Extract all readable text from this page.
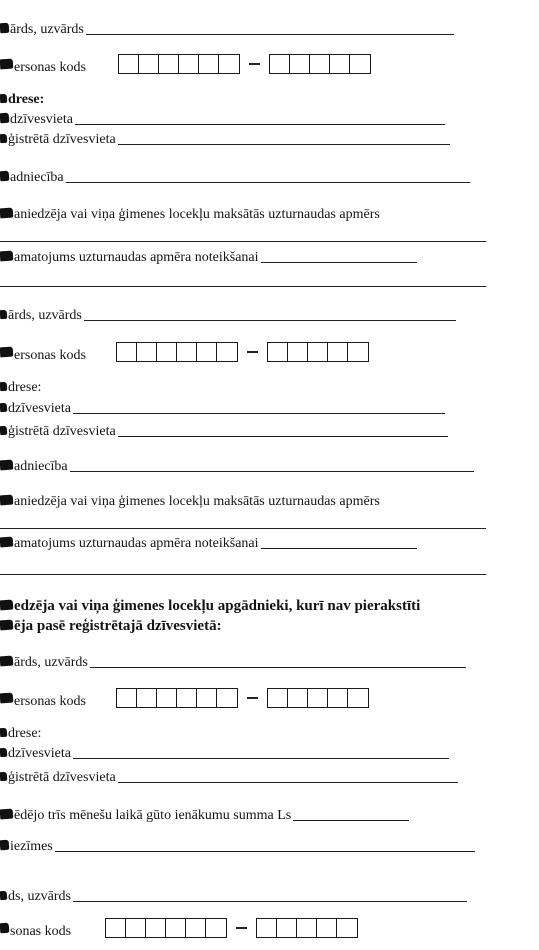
ārds, uzvārds
ersonas kods
drese:
dzīvesvieta
ģistrētā dzīvesvieta
adniecība
aniedzēja vai viņa ģimenes locekļu maksātās uzturnaudas apmērs
amatojums uzturnaudas apmēra noteikšanai
ārds, uzvārds
ersonas kods
drese:
dzīvesvieta
ģistrētā dzīvesvieta
adniecība
aniedzēja vai viņa ģimenes locekļu maksātās uzturnaudas apmērs
amatojums uzturnaudas apmēra noteikšanai
edzēja vai viņa ģimenes locekļu apgādnieki, kurī nav pierakstīti
ēja pasē reģistrētajā dzīvesvietā:
ārds, uzvārds
ersonas kods
drese:
dzīvesvieta
ģistrētā dzīvesvieta
ēdējo trīs mēnešu laikā gūto ienākumu summa Ls
iezīmes
ds, uzvārds
sonas kods
